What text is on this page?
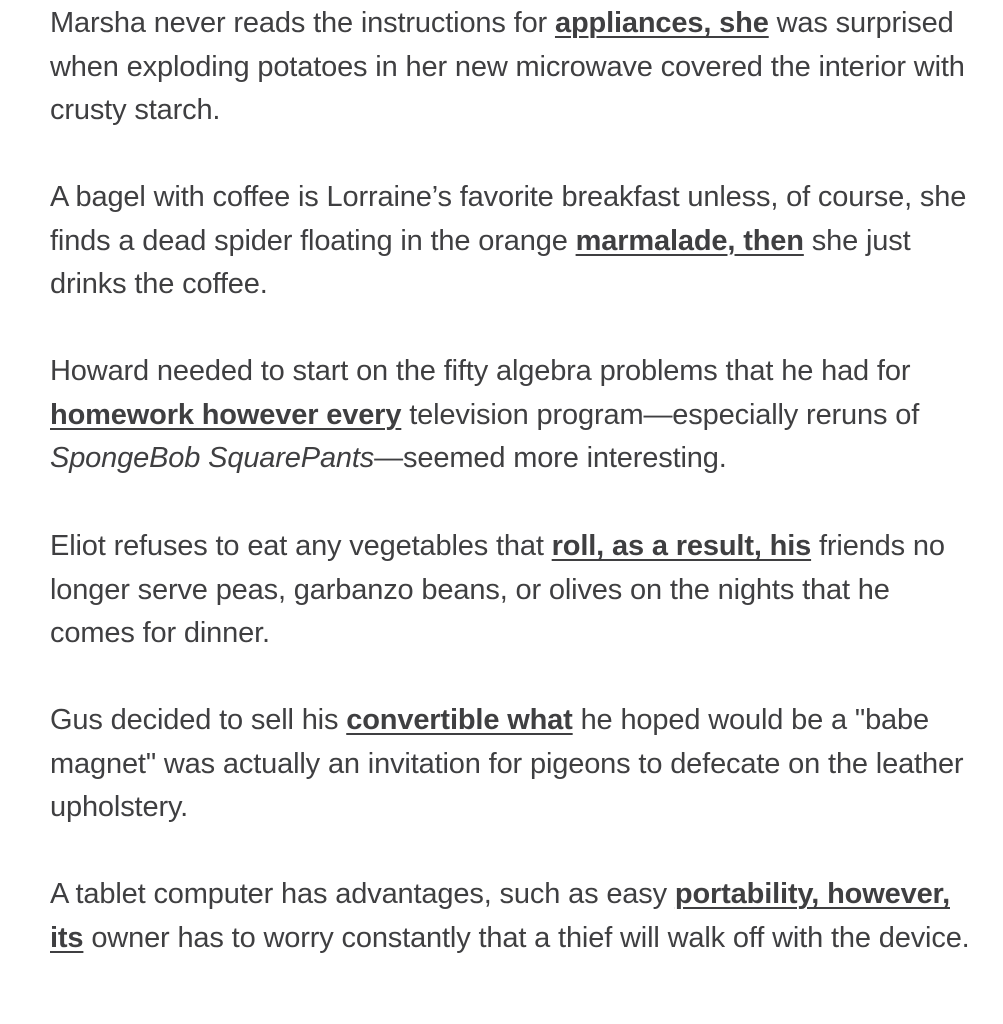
Marsha never reads the instructions for appliances, she was surprised when exploding potatoes in her new microwave covered the interior with crusty starch.

A bagel with coffee is Lorraine’s favorite breakfast unless, of course, she finds a dead spider floating in the orange marmalade, then she just drinks the coffee.

Howard needed to start on the fifty algebra problems that he had for homework however every television program—especially reruns of SpongeBob SquarePants—seemed more interesting.

Eliot refuses to eat any vegetables that roll, as a result, his friends no longer serve peas, garbanzo beans, or olives on the nights that he comes for dinner.

Gus decided to sell his convertible what he hoped would be a "babe magnet" was actually an invitation for pigeons to defecate on the leather upholstery.

A tablet computer has advantages, such as easy portability, however, its owner has to worry constantly that a thief will walk off with the device.
